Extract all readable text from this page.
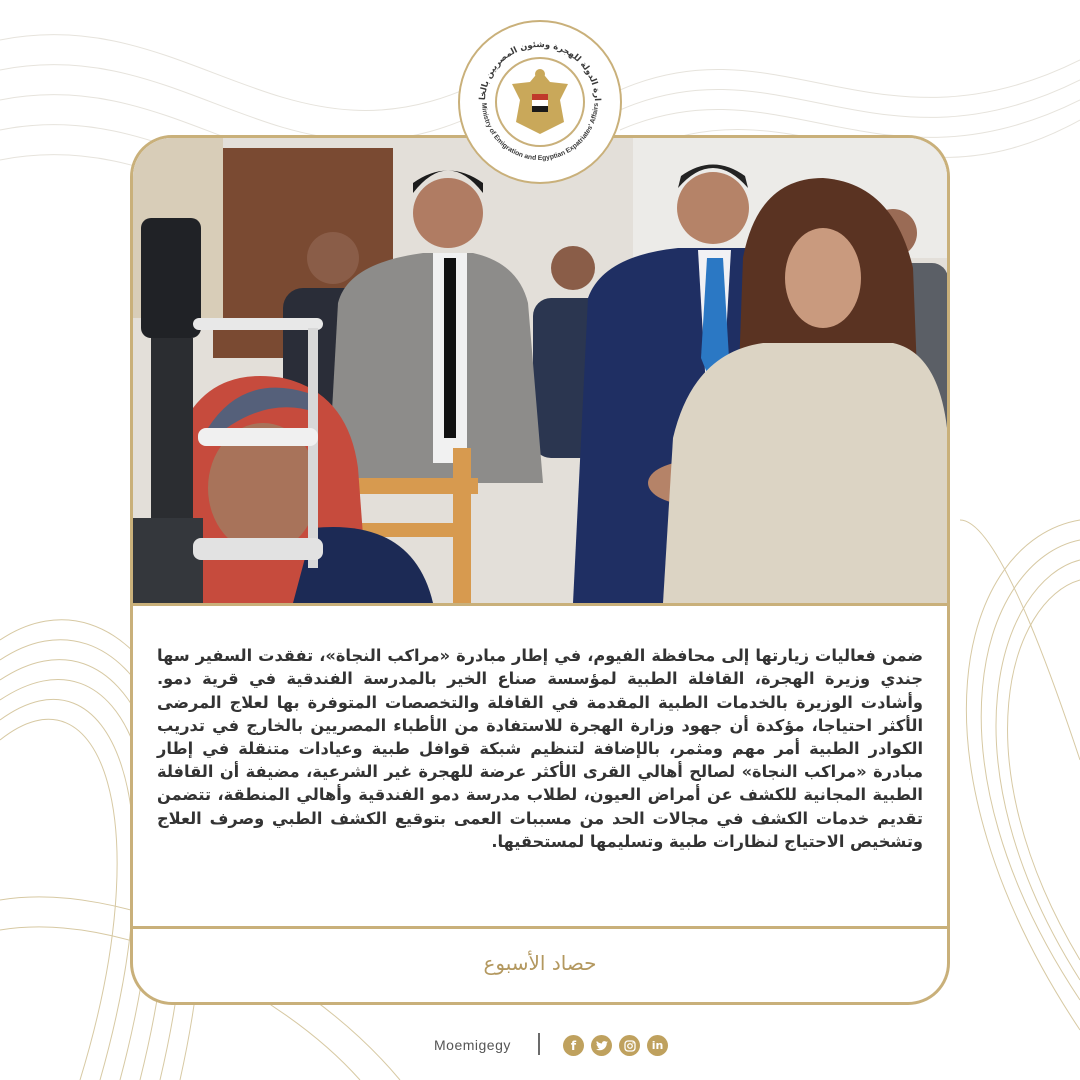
ضمن فعاليات زيارتها إلى محافظة الفيوم، في إطار مبادرة «مراكب النجاة»، تفقدت السفير سها جندي وزيرة الهجرة، القافلة الطبية لمؤسسة صناع الخير بالمدرسة الفندقية في قرية دمو. وأشادت الوزيرة بالخدمات الطبية المقدمة في القافلة والتخصصات المتوفرة بها لعلاج المرضى الأكثر احتياجا، مؤكدة أن جهود وزارة الهجرة للاستفادة من الأطباء المصريين بالخارج في تدريب الكوادر الطبية أمر مهم ومثمر، بالإضافة لتنظيم شبكة قوافل طبية وعيادات متنقلة في إطار مبادرة «مراكب النجاة» لصالح أهالي القرى الأكثر عرضة للهجرة غير الشرعية، مضيفة أن القافلة الطبية المجانية للكشف عن أمراض العيون، لطلاب مدرسة دمو الفندقية وأهالي المنطقة، تتضمن تقديم خدمات الكشف في مجالات الحد من مسببات العمى بتوقيع الكشف الطبي وصرف العلاج وتشخيص الاحتياج لنظارات طبية وتسليمها لمستحقيها.

حصاد الأسبوع
ارة الدولة للهجرة وشئون المصريين بالخا
Ministry of Emigration and Egyptian Expatriates' Affairs
Moemigegy	f	in
